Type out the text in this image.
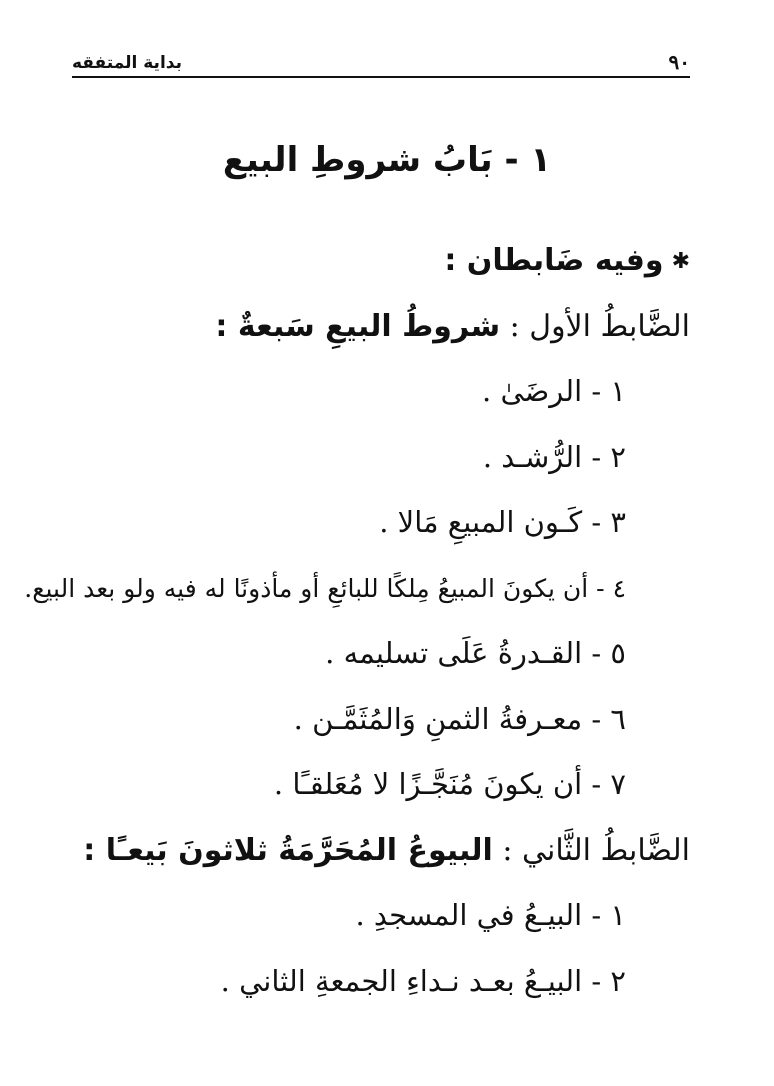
٩٠
بداية المتفقه
١ - بَابُ شروطِ البيع
✱وفيه ضَابطان :
الضَّابطُ الأول : شروطُ البيعِ سَبعةٌ :
١ - الرضَىٰ .
٢ - الرُّشـد .
٣ - كَـون المبيعِ مَالا .
٤ - أن يكونَ المبيعُ مِلكًا للبائعِ أو مأذونًا له فيه ولو بعد البيع.
٥ - القـدرةُ عَلَى تسليمه .
٦ - معـرفةُ الثمنِ وَالمُثَمَّـن .
٧ - أن يكونَ مُنَجَّـزًا لا مُعَلقـًا .
الضَّابطُ الثَّاني : البيوعُ المُحَرَّمَةُ ثلاثونَ بَيعـًا :
١ - البيـعُ في المسجدِ .
٢ - البيـعُ بعـد نـداءِ الجمعةِ الثاني .
